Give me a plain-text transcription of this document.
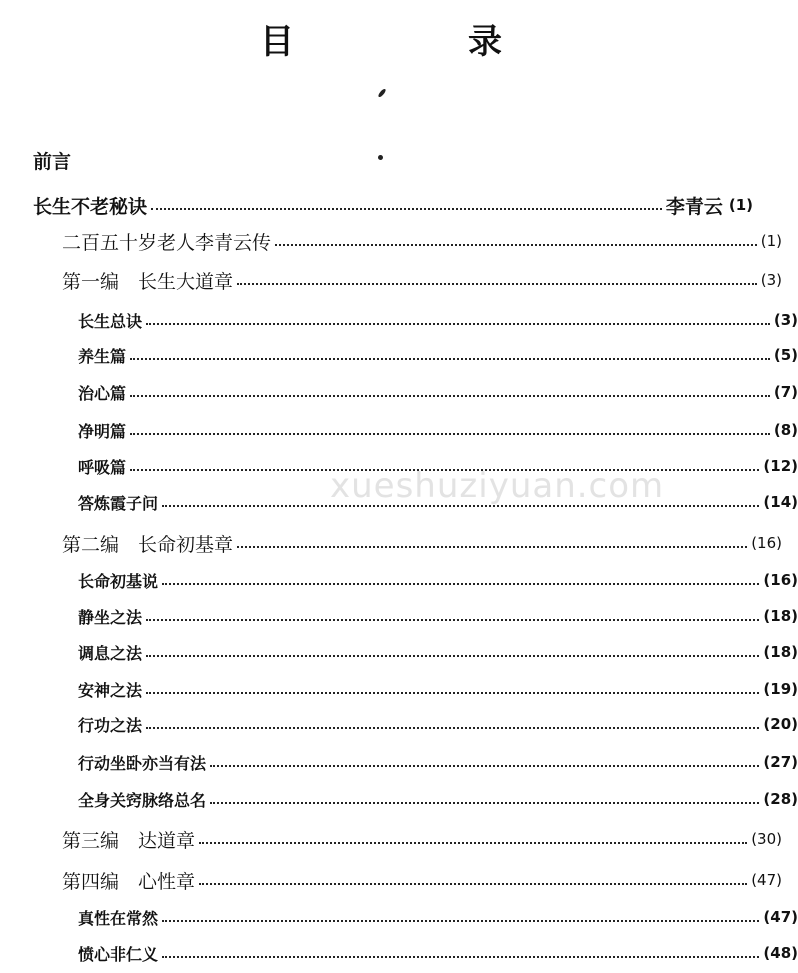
目　录
xueshuziyuan.com
前言
长生不老秘诀	李青云 (1)
二百五十岁老人李青云传	(1)
第一编　长生大道章	(3)
长生总诀	(3)
养生篇	(5)
治心篇	(7)
净明篇	(8)
呼吸篇	(12)
答炼霞子问	(14)
第二编　长命初基章	(16)
长命初基说	(16)
静坐之法	(18)
调息之法	(18)
安神之法	(19)
行功之法	(20)
行动坐卧亦当有法	(27)
全身关窍脉络总名	(28)
第三编　达道章	(30)
第四编　心性章	(47)
真性在常然	(47)
愤心非仁义	(48)
